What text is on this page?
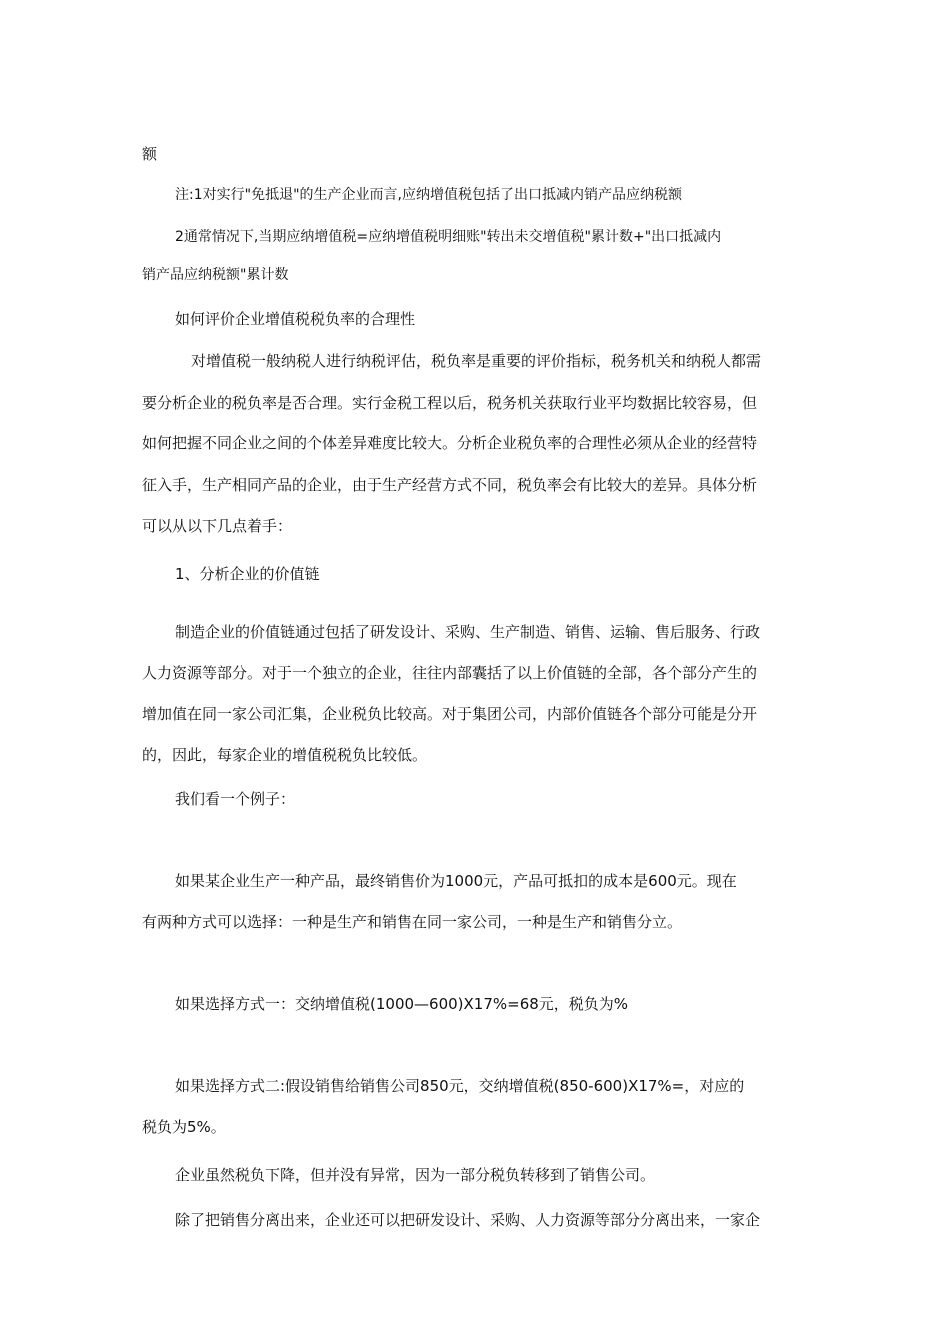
额
注:1对实行"免抵退"的生产企业而言,应纳增值税包括了出口抵减内销产品应纳税额
2通常情况下,当期应纳增值税=应纳增值税明细账"转出未交增值税"累计数+"出口抵减内
销产品应纳税额"累计数
如何评价企业增值税税负率的合理性
对增值税一般纳税人进行纳税评估，税负率是重要的评价指标，税务机关和纳税人都需
要分析企业的税负率是否合理。实行金税工程以后，税务机关获取行业平均数据比较容易，但
如何把握不同企业之间的个体差异难度比较大。分析企业税负率的合理性必须从企业的经营特
征入手，生产相同产品的企业，由于生产经营方式不同，税负率会有比较大的差异。具体分析
可以从以下几点着手：
1、分析企业的价值链
制造企业的价值链通过包括了研发设计、采购、生产制造、销售、运输、售后服务、行政
人力资源等部分。对于一个独立的企业，往往内部囊括了以上价值链的全部，各个部分产生的
增加值在同一家公司汇集，企业税负比较高。对于集团公司，内部价值链各个部分可能是分开
的，因此，每家企业的增值税税负比较低。
我们看一个例子：
如果某企业生产一种产品，最终销售价为1000元，产品可抵扣的成本是600元。现在
有两种方式可以选择：一种是生产和销售在同一家公司，一种是生产和销售分立。
如果选择方式一：交纳增值税(1000—600)X17%=68元，税负为%
如果选择方式二:假设销售给销售公司850元，交纳增值税(850-600)X17%=，对应的
税负为5%。
企业虽然税负下降，但并没有异常，因为一部分税负转移到了销售公司。
除了把销售分离出来，企业还可以把研发设计、采购、人力资源等部分分离出来，一家企
